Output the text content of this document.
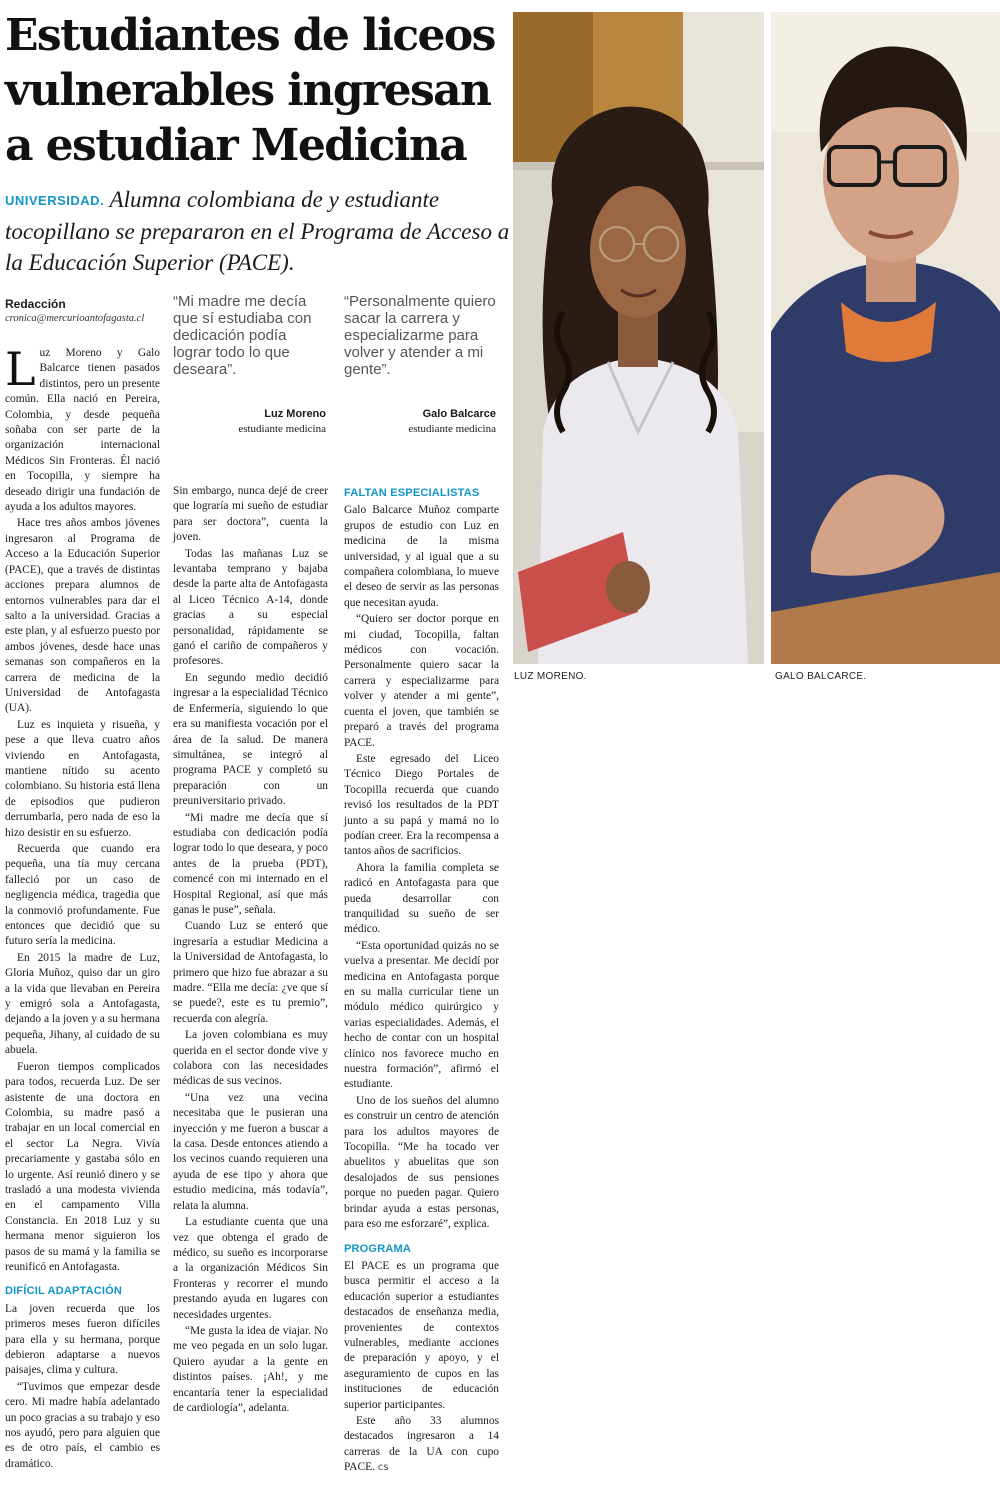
Estudiantes de liceos vulnerables ingresan a estudiar Medicina
UNIVERSIDAD. Alumna colombiana de y estudiante tocopillano se prepararon en el Programa de Acceso a la Educación Superior (PACE).
Redacción
cronica@mercurioantofagasta.cl
“Mi madre me decía que sí estudiaba con dedicación podía lograr todo lo que deseara”.
Luz Moreno
estudiante medicina
“Personalmente quiero sacar la carrera y especializarme para volver y atender a mi gente”.
Galo Balcarce
estudiante medicina

Luz Moreno y Galo Balcarce tienen pasados distintos, pero un presente común. Ella nació en Pereira, Colombia, y desde pequeña soñaba con ser parte de la organización internacional Médicos Sin Fronteras. Él nació en Tocopilla, y siempre ha deseado dirigir una fundación de ayuda a los adultos mayores.

Hace tres años ambos jóvenes ingresaron al Programa de Acceso a la Educación Superior (PACE), que a través de distintas acciones prepara alumnos de entornos vulnerables para dar el salto a la universidad. Gracias a este plan, y al esfuerzo puesto por ambos jóvenes, desde hace unas semanas son compañeros en la carrera de medicina de la Universidad de Antofagasta (UA).

Luz es inquieta y risueña, y pese a que lleva cuatro años viviendo en Antofagasta, mantiene nítido su acento colombiano. Su historia está llena de episodios que pudieron derrumbarla, pero nada de eso la hizo desistir en su esfuerzo.

Recuerda que cuando era pequeña, una tía muy cercana falleció por un caso de negligencia médica, tragedia que la conmovió profundamente. Fue entonces que decidió que su futuro sería la medicina.

En 2015 la madre de Luz, Gloria Muñoz, quiso dar un giro a la vida que llevaban en Pereira y emigró sola a Antofagasta, dejando a la joven y a su hermana pequeña, Jihany, al cuidado de su abuela.

Fueron tiempos complicados para todos, recuerda Luz. De ser asistente de una doctora en Colombia, su madre pasó a trabajar en un local comercial en el sector La Negra. Vivía precariamente y gastaba sólo en lo urgente. Así reunió dinero y se trasladó a una modesta vivienda en el campamento Villa Constancia. En 2018 Luz y su hermana menor siguieron los pasos de su mamá y la familia se reunificó en Antofagasta.

DIFÍCIL ADAPTACIÓN

La joven recuerda que los primeros meses fueron difíciles para ella y su hermana, porque debieron adaptarse a nuevos paisajes, clima y cultura.

“Tuvimos que empezar desde cero. Mi madre había adelantado un poco gracias a su trabajo y eso nos ayudó, pero para alguien que es de otro país, el cambio es dramático.

Sin embargo, nunca dejé de creer que lograría mi sueño de estudiar para ser doctora”, cuenta la joven.

Todas las mañanas Luz se levantaba temprano y bajaba desde la parte alta de Antofagasta al Liceo Técnico A-14, donde gracias a su especial personalidad, rápidamente se ganó el cariño de compañeros y profesores.

En segundo medio decidió ingresar a la especialidad Técnico de Enfermería, siguiendo lo que era su manifiesta vocación por el área de la salud. De manera simultánea, se integró al programa PACE y completó su preparación con un preuniversitario privado.

“Mi madre me decía que sí estudiaba con dedicación podía lograr todo lo que deseara, y poco antes de la prueba (PDT), comencé con mi internado en el Hospital Regional, así que más ganas le puse”, señala.

Cuando Luz se enteró que ingresaría a estudiar Medicina a la Universidad de Antofagasta, lo primero que hizo fue abrazar a su madre. “Ella me decía: ¿ve que sí se puede?, este es tu premio”, recuerda con alegría.

La joven colombiana es muy querida en el sector donde vive y colabora con las necesidades médicas de sus vecinos.

“Una vez una vecina necesitaba que le pusieran una inyección y me fueron a buscar a la casa. Desde entonces atiendo a los vecinos cuando requieren una ayuda de ese tipo y ahora que estudio medicina, más todavía”, relata la alumna.

La estudiante cuenta que una vez que obtenga el grado de médico, su sueño es incorporarse a la organización Médicos Sin Fronteras y recorrer el mundo prestando ayuda en lugares con necesidades urgentes.

“Me gusta la idea de viajar. No me veo pegada en un solo lugar. Quiero ayudar a la gente en distintos países. ¡Ah!, y me encantaría tener la especialidad de cardiología”, adelanta.

FALTAN ESPECIALISTAS

Galo Balcarce Muñoz comparte grupos de estudio con Luz en medicina de la misma universidad, y al igual que a su compañera colombiana, lo mueve el deseo de servir as las personas que necesitan ayuda.

“Quiero ser doctor porque en mi ciudad, Tocopilla, faltan médicos con vocación. Personalmente quiero sacar la carrera y especializarme para volver y atender a mi gente”, cuenta el joven, que también se preparó a través del programa PACE.

Este egresado del Liceo Técnico Diego Portales de Tocopilla recuerda que cuando revisó los resultados de la PDT junto a su papá y mamá no lo podían creer. Era la recompensa a tantos años de sacrificios.

Ahora la familia completa se radicó en Antofagasta para que pueda desarrollar con tranquilidad su sueño de ser médico.

“Esta oportunidad quizás no se vuelva a presentar. Me decidí por medicina en Antofagasta porque en su malla curricular tiene un módulo médico quirúrgico y varias especialidades. Además, el hecho de contar con un hospital clínico nos favorece mucho en nuestra formación”, afirmó el estudiante.

Uno de los sueños del alumno es construir un centro de atención para los adultos mayores de Tocopilla. “Me ha tocado ver abuelitos y abuelitas que son desalojados de sus pensiones porque no pueden pagar. Quiero brindar ayuda a estas personas, para eso me esforzaré”, explica.

PROGRAMA

El PACE es un programa que busca permitir el acceso a la educación superior a estudiantes destacados de enseñanza media, provenientes de contextos vulnerables, mediante acciones de preparación y apoyo, y el aseguramiento de cupos en las instituciones de educación superior participantes.

Este año 33 alumnos destacados ingresaron a 14 carreras de la UA con cupo PACE. cs

LUZ MORENO.	GALO BALCARCE.
